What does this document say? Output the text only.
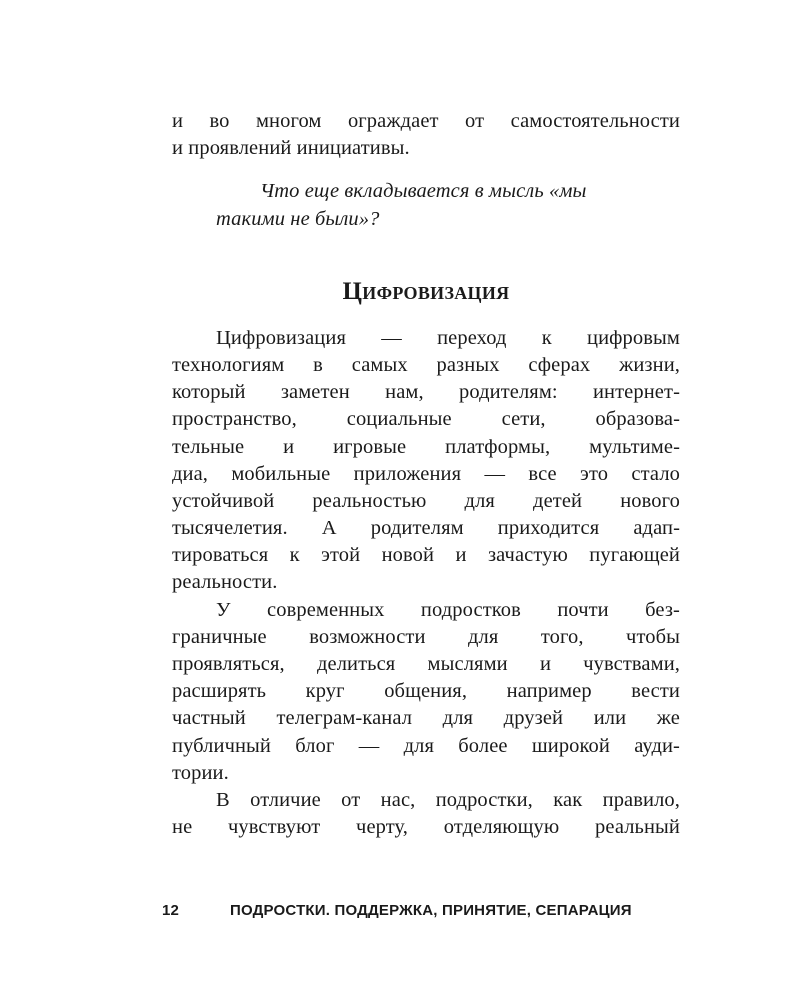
и во многом ограждает от самостоятельности
и проявлений инициативы.
Что еще вкладывается в мысль «мы
такими не были»?
Цифровизация
Цифровизация — переход к цифровым
технологиям в самых разных сферах жизни,
который заметен нам, родителям: интернет-
пространство, социальные сети, образова-
тельные и игровые платформы, мультиме-
диа, мобильные приложения — все это стало
устойчивой реальностью для детей нового
тысячелетия. А родителям приходится адап-
тироваться к этой новой и зачастую пугающей
реальности.
У современных подростков почти без-
граничные возможности для того, чтобы
проявляться, делиться мыслями и чувствами,
расширять круг общения, например вести
частный телеграм-канал для друзей или же
публичный блог — для более широкой ауди-
тории.
В отличие от нас, подростки, как правило,
не чувствуют черту, отделяющую реальный
12	ПОДРОСТКИ. ПОДДЕРЖКА, ПРИНЯТИЕ, СЕПАРАЦИЯ
